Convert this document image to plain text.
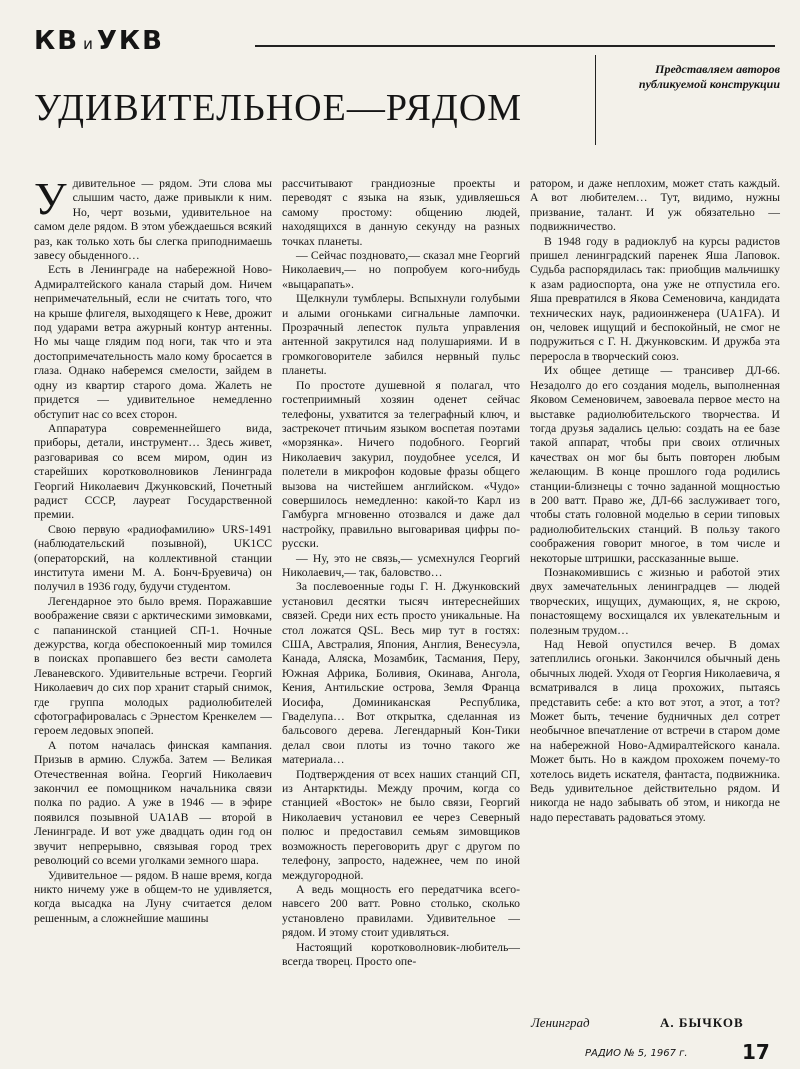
КВ и УКВ
УДИВИТЕЛЬНОЕ—РЯДОМ
Представляем авторов публикуемой конструкции

Удивительное — рядом. Эти слова мы слышим часто, даже привыкли к ним. Но, черт возьми, удивительное на самом деле рядом. В этом убеждаешься всякий раз, как только хоть бы слегка приподнимаешь завесу обыденного…

Есть в Ленинграде на набережной Ново-Адмиралтейского канала старый дом. Ничем непримечательный, если не считать того, что на крыше флигеля, выходящего к Неве, дрожит под ударами ветра ажурный контур антенны. Но мы чаще глядим под ноги, так что и эта достопримечательность мало кому бросается в глаза. Однако наберемся смелости, зайдем в одну из квартир старого дома. Жалеть не придется — удивительное немедленно обступит нас со всех сторон.

Аппаратура современнейшего вида, приборы, детали, инструмент… Здесь живет, разговаривая со всем миром, один из старейших коротковолновиков Ленинграда Георгий Николаевич Джунковский, Почетный радист СССР, лауреат Государственной премии.

Свою первую «радиофамилию» URS-1491 (наблюдательский позывной), UK1CC (операторский, на коллективной станции института имени М. А. Бонч-Бруевича) он получил в 1936 году, будучи студентом.

Легендарное это было время. Поражавшие воображение связи с арктическими зимовками, с папанинской станцией СП-1. Ночные дежурства, когда обеспокоенный мир томился в поисках пропавшего без вести самолета Леваневского. Удивительные встречи. Георгий Николаевич до сих пор хранит старый снимок, где группа молодых радиолюбителей сфотографировалась с Эрнестом Кренкелем — героем ледовых эпопей.

А потом началась финская кампания. Призыв в армию. Служба. Затем — Великая Отечественная война. Георгий Николаевич закончил ее помощником начальника связи полка по радио. А уже в 1946 — в эфире появился позывной UA1AB — второй в Ленинграде. И вот уже двадцать один год он звучит непрерывно, связывая город трех революций со всеми уголками земного шара.

Удивительное — рядом. В наше время, когда никто ничему уже в общем-то не удивляется, когда высадка на Луну считается делом решенным, а сложнейшие машины

рассчитывают грандиозные проекты и переводят с языка на язык, удивляешься самому простому: общению людей, находящихся в данную секунду на разных точках планеты.

— Сейчас поздновато,— сказал мне Георгий Николаевич,— но попробуем кого-нибудь «выцарапать».

Щелкнули тумблеры. Вспыхнули голубыми и алыми огоньками сигнальные лампочки. Прозрачный лепесток пульта управления антенной закрутился над полушариями. И в громкоговорителе забился нервный пульс планеты.

По простоте душевной я полагал, что гостеприимный хозяин оденет сейчас телефоны, ухватится за телеграфный ключ, и застрекочет птичьим языком воспетая поэтами «морзянка». Ничего подобного. Георгий Николаевич закурил, поудобнее уселся, И полетели в микрофон кодовые фразы общего вызова на чистейшем английском. «Чудо» совершилось немедленно: какой-то Карл из Гамбурга мгновенно отозвался и даже дал настройку, правильно выговаривая цифры по-русски.

— Ну, это не связь,— усмехнулся Георгий Николаевич,— так, баловство…

За послевоенные годы Г. Н. Джунковский установил десятки тысяч интереснейших связей. Среди них есть просто уникальные. На стол ложатся QSL. Весь мир тут в гостях: США, Австралия, Япония, Англия, Венесуэла, Канада, Аляска, Мозамбик, Тасмания, Перу, Южная Африка, Боливия, Окинава, Ангола, Кения, Антильские острова, Земля Франца Иосифа, Доминиканская Республика, Гваделупа… Вот открытка, сделанная из бальсового дерева. Легендарный Кон-Тики делал свои плоты из точно такого же материала…

Подтверждения от всех наших станций СП, из Антарктиды. Между прочим, когда со станцией «Восток» не было связи, Георгий Николаевич установил ее через Северный полюс и предоставил семьям зимовщиков возможность переговорить друг с другом по телефону, запросто, надежнее, чем по иной междугородной.

А ведь мощность его передатчика всего-навсего 200 ватт. Ровно столько, сколько установлено правилами. Удивительное — рядом. И этому стоит удивляться.

Настоящий коротковолновик-любитель— всегда творец. Просто опе-

ратором, и даже неплохим, может стать каждый. А вот любителем… Тут, видимо, нужны призвание, талант. И уж обязательно — подвижничество.

В 1948 году в радиоклуб на курсы радистов пришел ленинградский паренек Яша Лаповок. Судьба распорядилась так: приобщив мальчишку к азам радиоспорта, она уже не отпустила его. Яша превратился в Якова Семеновича, кандидата технических наук, радиоинженера (UA1FA). И он, человек ищущий и беспокойный, не смог не подружиться с Г. Н. Джунковским. И дружба эта переросла в творческий союз.

Их общее детище — трансивер ДЛ-66. Незадолго до его создания модель, выполненная Яковом Семеновичем, завоевала первое место на выставке радиолюбительского творчества. И тогда друзья задались целью: создать на ее базе такой аппарат, чтобы при своих отличных качествах он мог бы быть повторен любым желающим. В конце прошлого года родились станции-близнецы с точно заданной мощностью в 200 ватт. Право же, ДЛ-66 заслуживает того, чтобы стать головной моделью в серии типовых радиолюбительских станций. В пользу такого соображения говорит многое, в том числе и некоторые штришки, рассказанные выше.

Познакомившись с жизнью и работой этих двух замечательных ленинградцев — людей творческих, ищущих, думающих, я, не скрою, понастоящему восхищался их увлекательным и полезным трудом…

Над Невой опустился вечер. В домах затеплились огоньки. Закончился обычный день обычных людей. Уходя от Георгия Николаевича, я всматривался в лица прохожих, пытаясь представить себе: а кто вот этот, а этот, а тот? Может быть, течение будничных дел сотрет необычное впечатление от встречи в старом доме на набережной Ново-Адмиралтейского канала. Может быть. Но в каждом прохожем почему-то хотелось видеть искателя, фантаста, подвижника. Ведь удивительное действительно рядом. И никогда не надо забывать об этом, и никогда не надо переставать радоваться этому.

Ленинград	А. БЫЧКОВ
РАДИО № 5, 1967 г.	17
